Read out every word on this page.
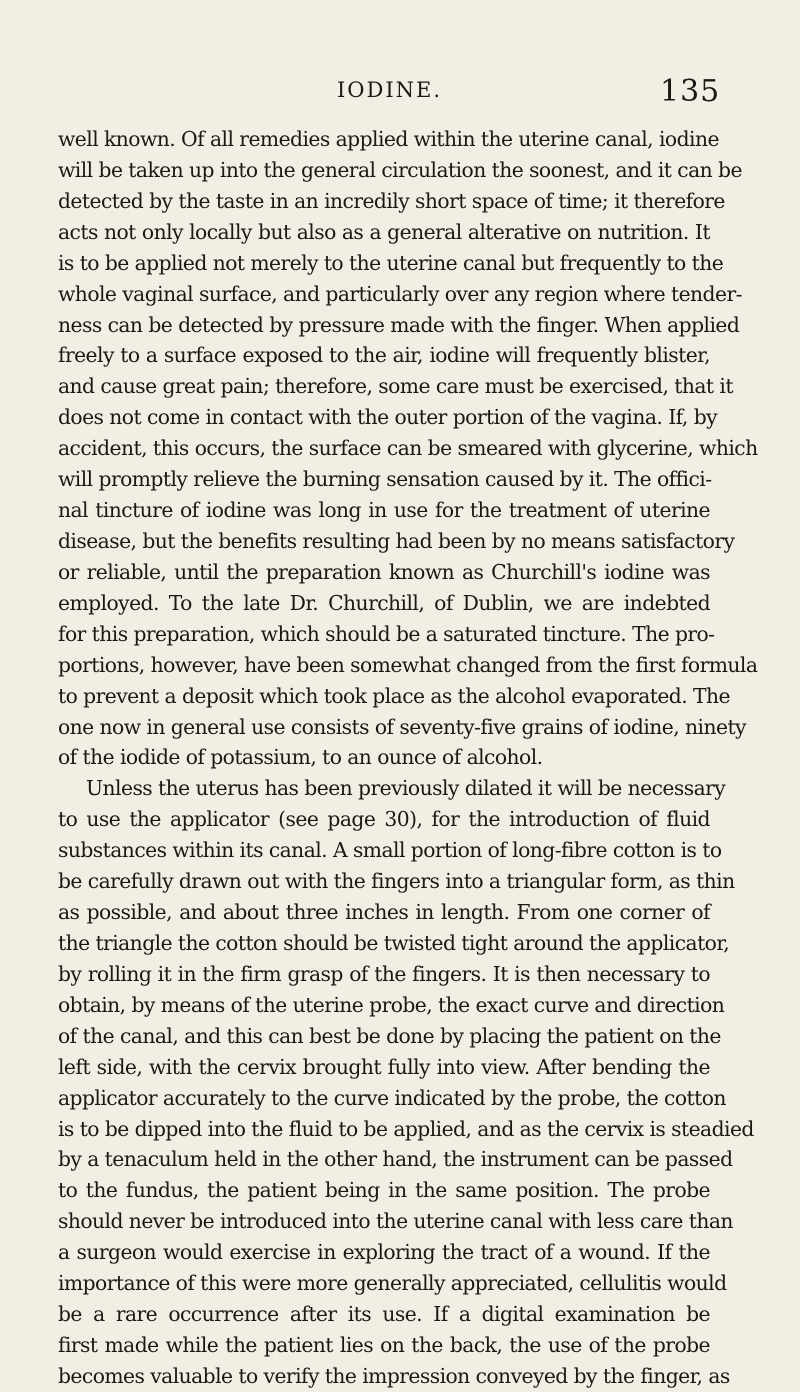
IODINE.	135
well known. Of all remedies applied within the uterine canal, iodine
will be taken up into the general circulation the soonest, and it can be
detected by the taste in an incredily short space of time; it therefore
acts not only locally but also as a general alterative on nutrition. It
is to be applied not merely to the uterine canal but frequently to the
whole vaginal surface, and particularly over any region where tender-
ness can be detected by pressure made with the finger. When applied
freely to a surface exposed to the air, iodine will frequently blister,
and cause great pain; therefore, some care must be exercised, that it
does not come in contact with the outer portion of the vagina. If, by
accident, this occurs, the surface can be smeared with glycerine, which
will promptly relieve the burning sensation caused by it. The offici-
nal tincture of iodine was long in use for the treatment of uterine
disease, but the benefits resulting had been by no means satisfactory
or reliable, until the preparation known as Churchill's iodine was
employed. To the late Dr. Churchill, of Dublin, we are indebted
for this preparation, which should be a saturated tincture. The pro-
portions, however, have been somewhat changed from the first formula
to prevent a deposit which took place as the alcohol evaporated. The
one now in general use consists of seventy-five grains of iodine, ninety
of the iodide of potassium, to an ounce of alcohol.
Unless the uterus has been previously dilated it will be necessary
to use the applicator (see page 30), for the introduction of fluid
substances within its canal. A small portion of long-fibre cotton is to
be carefully drawn out with the fingers into a triangular form, as thin
as possible, and about three inches in length. From one corner of
the triangle the cotton should be twisted tight around the applicator,
by rolling it in the firm grasp of the fingers. It is then necessary to
obtain, by means of the uterine probe, the exact curve and direction
of the canal, and this can best be done by placing the patient on the
left side, with the cervix brought fully into view. After bending the
applicator accurately to the curve indicated by the probe, the cotton
is to be dipped into the fluid to be applied, and as the cervix is steadied
by a tenaculum held in the other hand, the instrument can be passed
to the fundus, the patient being in the same position. The probe
should never be introduced into the uterine canal with less care than
a surgeon would exercise in exploring the tract of a wound. If the
importance of this were more generally appreciated, cellulitis would
be a rare occurrence after its use. If a digital examination be
first made while the patient lies on the back, the use of the probe
becomes valuable to verify the impression conveyed by the finger, as
